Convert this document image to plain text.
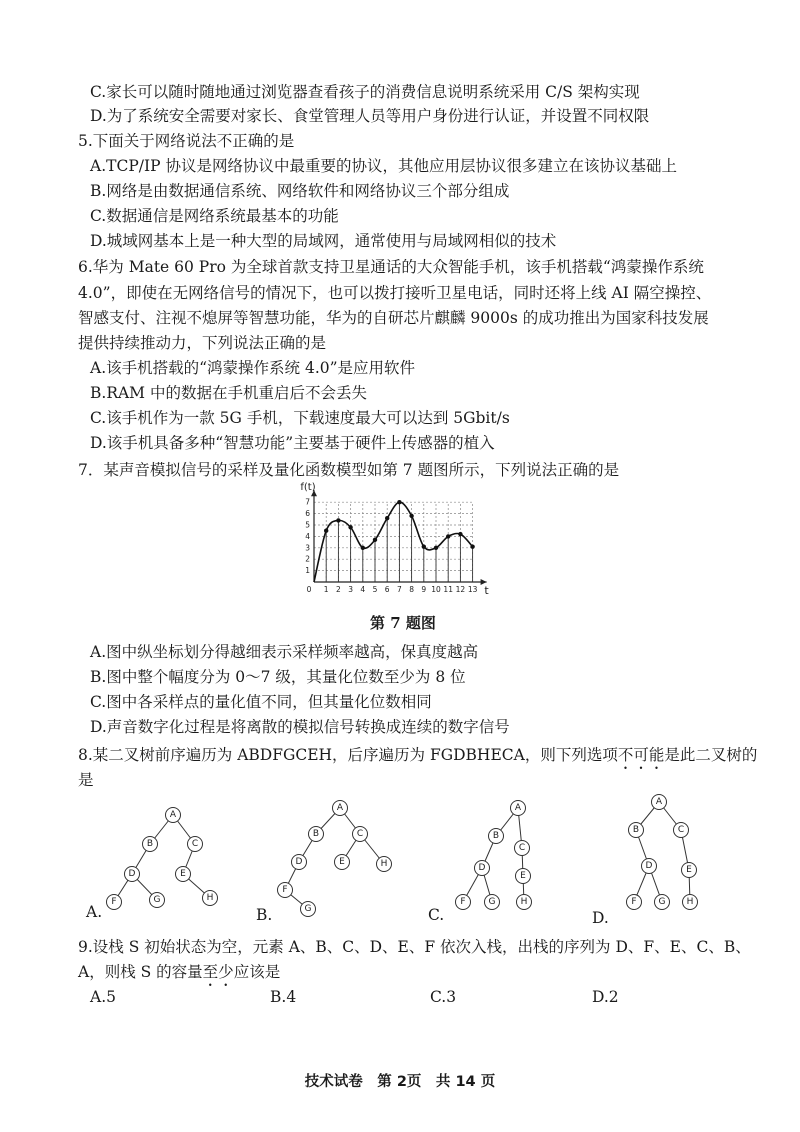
C.家长可以随时随地通过浏览器查看孩子的消费信息说明系统采用 C/S 架构实现
D.为了系统安全需要对家长、食堂管理人员等用户身份进行认证，并设置不同权限
5.下面关于网络说法不正确的是
A.TCP/IP 协议是网络协议中最重要的协议，其他应用层协议很多建立在该协议基础上
B.网络是由数据通信系统、网络软件和网络协议三个部分组成
C.数据通信是网络系统最基本的功能
D.城域网基本上是一种大型的局域网，通常使用与局域网相似的技术
6.华为 Mate 60 Pro 为全球首款支持卫星通话的大众智能手机，该手机搭载“鸿蒙操作系统
4.0”，即使在无网络信号的情况下，也可以拨打接听卫星电话，同时还将上线 AI 隔空操控、
智感支付、注视不熄屏等智慧功能，华为的自研芯片麒麟 9000s 的成功推出为国家科技发展
提供持续推动力，下列说法正确的是
A.该手机搭载的“鸿蒙操作系统 4.0”是应用软件
B.RAM 中的数据在手机重启后不会丢失
C.该手机作为一款 5G 手机，下载速度最大可以达到 5Gbit/s
D.该手机具备多种“智慧功能”主要基于硬件上传感器的植入
7．某声音模拟信号的采样及量化函数模型如第 7 题图所示，下列说法正确的是
1 2 3 4 5 6 7 8 9 10 11 12 13
1
2
3
4
5
6
7
0
f(t)
t
第 7 题图
A.图中纵坐标划分得越细表示采样频率越高，保真度越高
B.图中整个幅度分为 0～7 级，其量化位数至少为 8 位
C.图中各采样点的量化值不同，但其量化位数相同
D.声音数字化过程是将离散的模拟信号转换成连续的数字信号
8.某二叉树前序遍历为 ABDFGCEH，后序遍历为 FGDBHECA，则下列选项不可能是此二叉树的
是
A
B	C
D	E
F	G	H
A.
A
B	C
D	E	H
F
G
B.
A
B
C
D
E
F	G	H
C.
A
B	C
D	E
F G H
D.
9.设栈 S 初始状态为空，元素 A、B、C、D、E、F 依次入栈，出栈的序列为 D、F、E、C、B、
A，则栈 S 的容量至少应该是
A.5	B.4	C.3	D.2
技术试卷　第 2页　共 14 页
